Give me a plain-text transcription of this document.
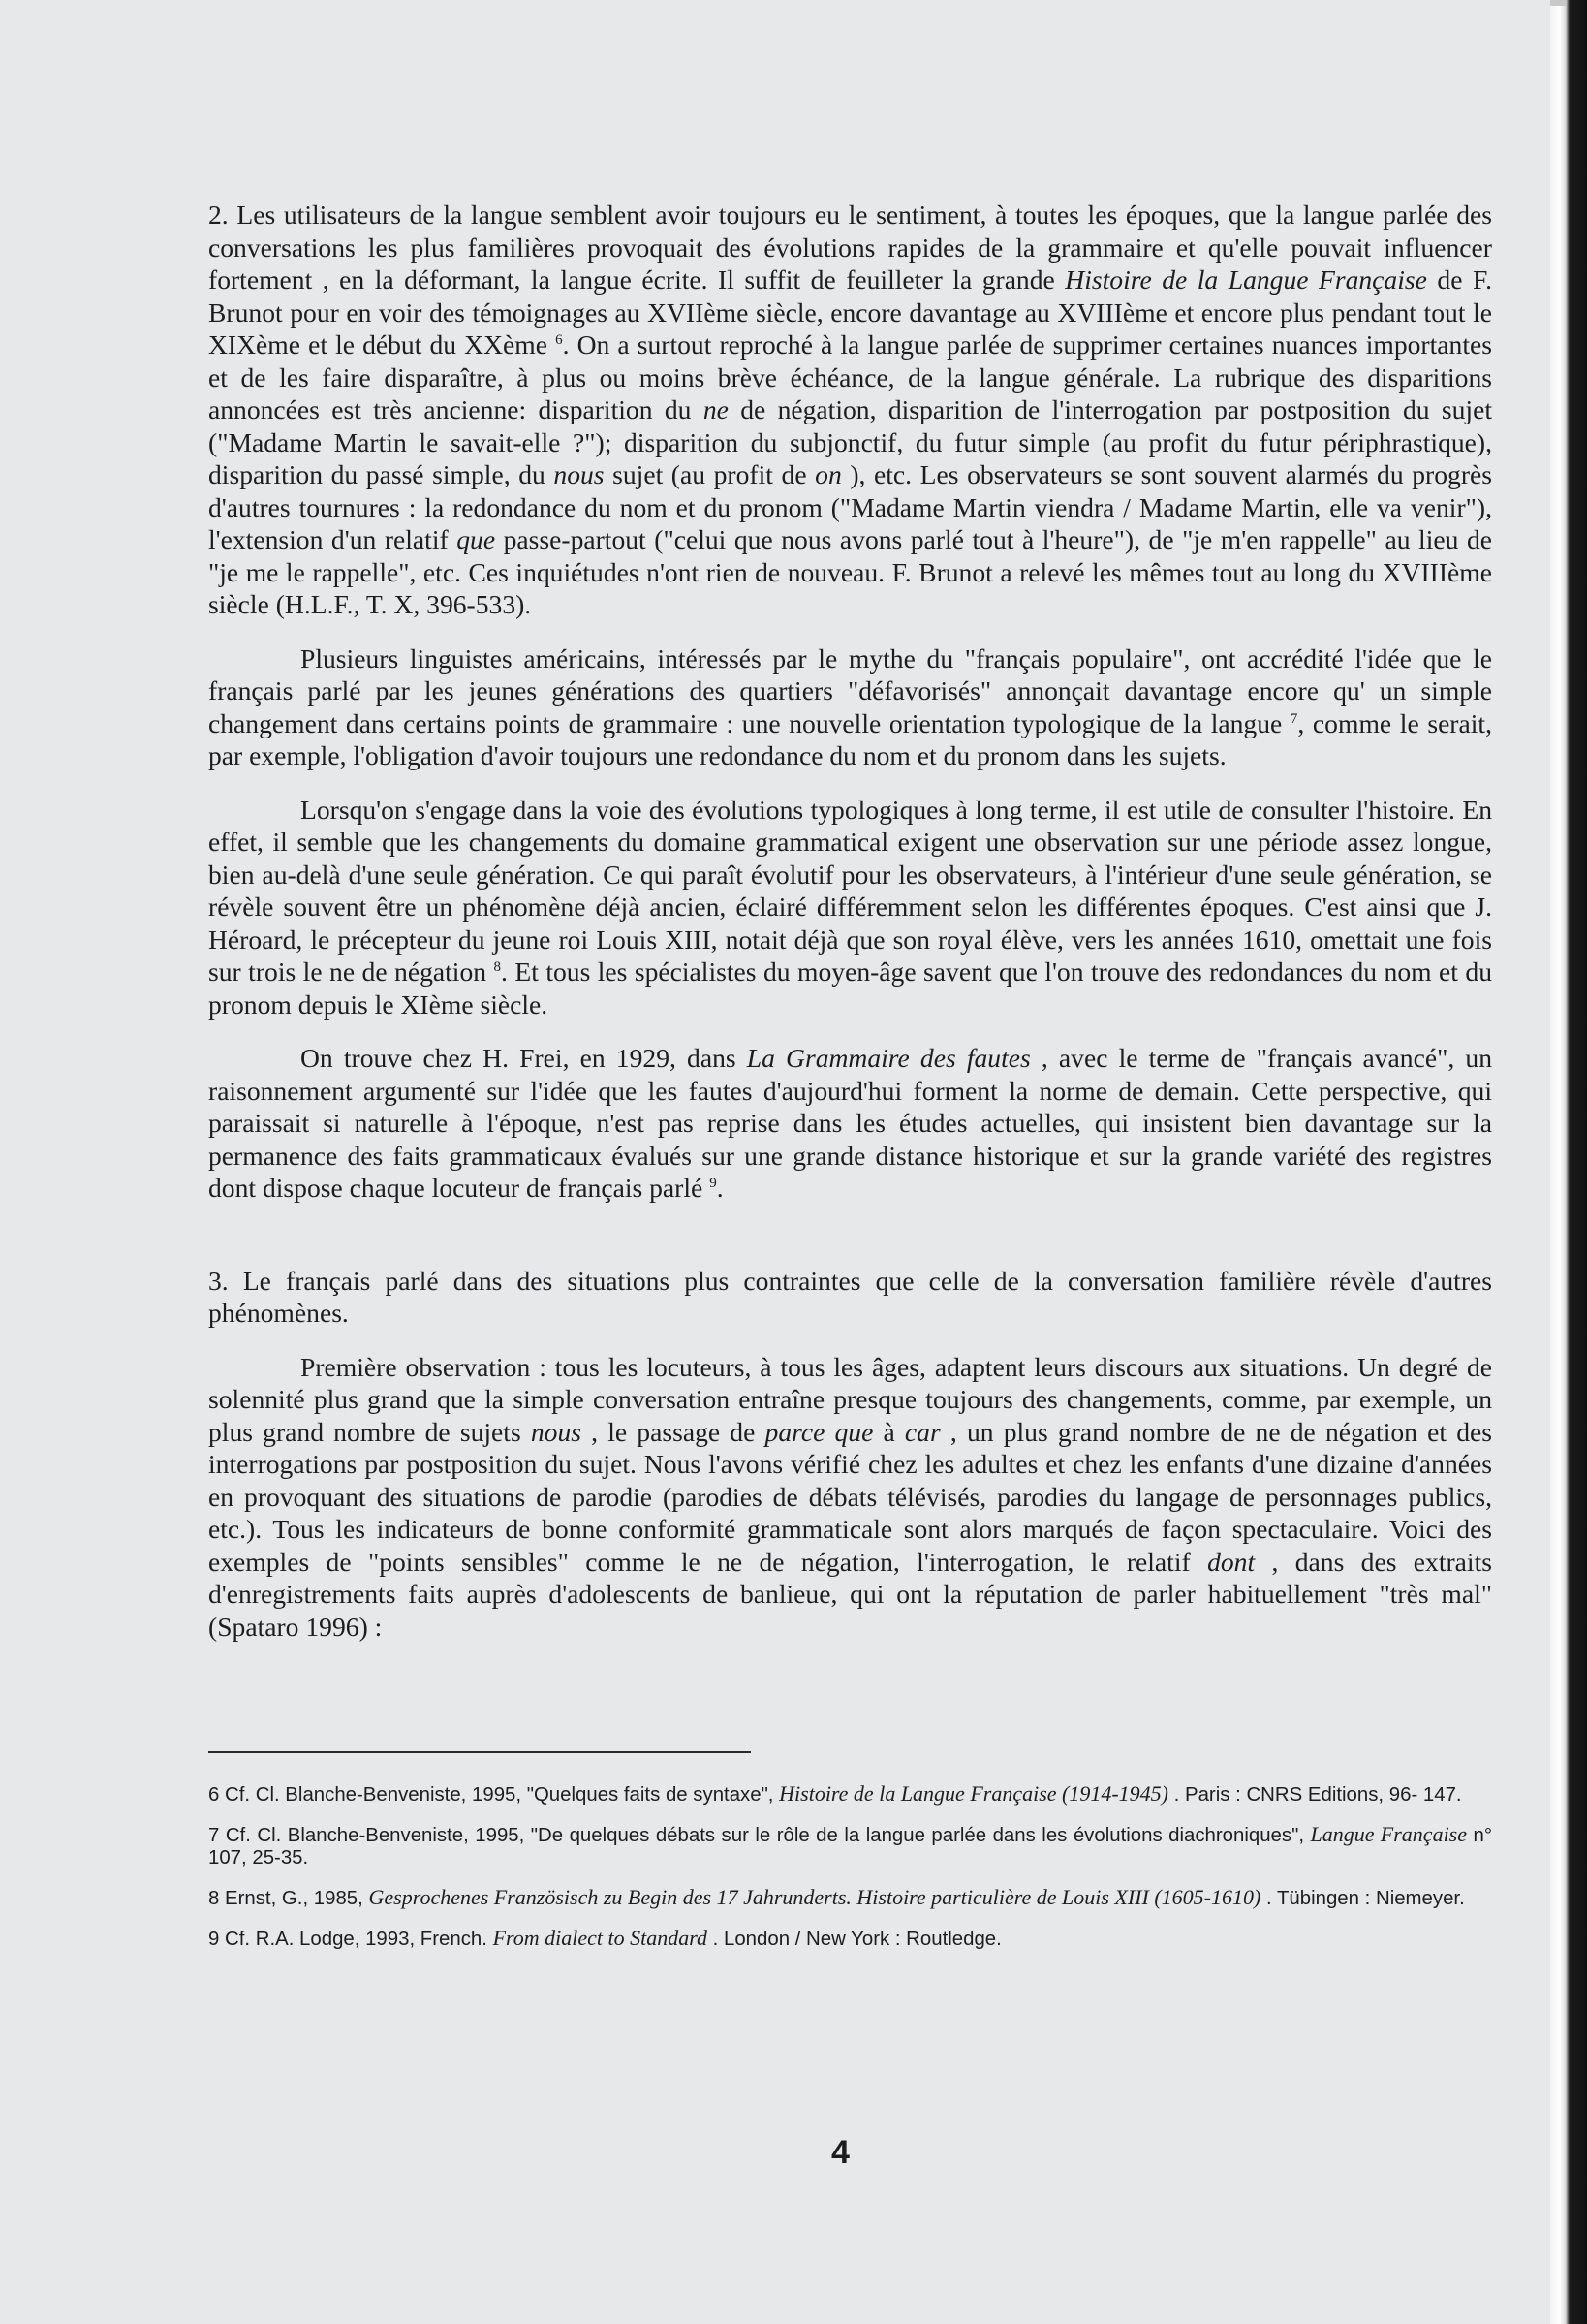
2. Les utilisateurs de la langue semblent avoir toujours eu le sentiment, à toutes les époques, que la langue parlée des conversations les plus familières provoquait des évolutions rapides de la grammaire et qu'elle pouvait influencer fortement , en la déformant, la langue écrite. Il suffit de feuilleter la grande Histoire de la Langue Française de F. Brunot pour en voir des témoignages au XVIIème siècle, encore davantage au XVIIIème et encore plus pendant tout le XIXème et le début du XXème $^6$. On a surtout reproché à la langue parlée de supprimer certaines nuances importantes et de les faire disparaître, à plus ou moins brève échéance, de la langue générale. La rubrique des disparitions annoncées est très ancienne: disparition du ne de négation, disparition de l'interrogation par postposition du sujet ("Madame Martin le savait-elle ?"); disparition du subjonctif, du futur simple (au profit du futur périphrastique), disparition du passé simple, du nous sujet (au profit de on ), etc. Les observateurs se sont souvent alarmés du progrès d'autres tournures : la redondance du nom et du pronom ("Madame Martin viendra / Madame Martin, elle va venir"), l'extension d'un relatif que passe-partout ("celui que nous avons parlé tout à l'heure"), de "je m'en rappelle" au lieu de "je me le rappelle", etc. Ces inquiétudes n'ont rien de nouveau. F. Brunot a relevé les mêmes tout au long du XVIIIème siècle (H.L.F., T. X, 396-533).

Plusieurs linguistes américains, intéressés par le mythe du "français populaire", ont accrédité l'idée que le français parlé par les jeunes générations des quartiers "défavorisés" annonçait davantage encore qu' un simple changement dans certains points de grammaire : une nouvelle orientation typologique de la langue $^7$, comme le serait, par exemple, l'obligation d'avoir toujours une redondance du nom et du pronom dans les sujets.

Lorsqu'on s'engage dans la voie des évolutions typologiques à long terme, il est utile de consulter l'histoire. En effet, il semble que les changements du domaine grammatical exigent une observation sur une période assez longue, bien au-delà d'une seule génération. Ce qui paraît évolutif pour les observateurs, à l'intérieur d'une seule génération, se révèle souvent être un phénomène déjà ancien, éclairé différemment selon les différentes époques. C'est ainsi que J. Héroard, le précepteur du jeune roi Louis XIII, notait déjà que son royal élève, vers les années 1610, omettait une fois sur trois le ne de négation $^8$. Et tous les spécialistes du moyen-âge savent que l'on trouve des redondances du nom et du pronom depuis le XIème siècle.

On trouve chez H. Frei, en 1929, dans La Grammaire des fautes , avec le terme de "français avancé", un raisonnement argumenté sur l'idée que les fautes d'aujourd'hui forment la norme de demain. Cette perspective, qui paraissait si naturelle à l'époque, n'est pas reprise dans les études actuelles, qui insistent bien davantage sur la permanence des faits grammaticaux évalués sur une grande distance historique et sur la grande variété des registres dont dispose chaque locuteur de français parlé $^9$.

3. Le français parlé dans des situations plus contraintes que celle de la conversation familière révèle d'autres phénomènes.

Première observation : tous les locuteurs, à tous les âges, adaptent leurs discours aux situations. Un degré de solennité plus grand que la simple conversation entraîne presque toujours des changements, comme, par exemple, un plus grand nombre de sujets nous , le passage de parce que à car , un plus grand nombre de ne de négation et des interrogations par postposition du sujet. Nous l'avons vérifié chez les adultes et chez les enfants d'une dizaine d'années en provoquant des situations de parodie (parodies de débats télévisés, parodies du langage de personnages publics, etc.). Tous les indicateurs de bonne conformité grammaticale sont alors marqués de façon spectaculaire. Voici des exemples de "points sensibles" comme le ne de négation, l'interrogation, le relatif dont , dans des extraits d'enregistrements faits auprès d'adolescents de banlieue, qui ont la réputation de parler habituellement "très mal" (Spataro 1996) :

6 Cf. Cl. Blanche-Benveniste, 1995, "Quelques faits de syntaxe", Histoire de la Langue Française (1914-1945) . Paris : CNRS Editions, 96- 147.
7 Cf. Cl. Blanche-Benveniste, 1995, "De quelques débats sur le rôle de la langue parlée dans les évolutions diachroniques", Langue Française n° 107, 25-35.
8 Ernst, G., 1985, Gesprochenes Französisch zu Begin des 17 Jahrunderts. Histoire particulière de Louis XIII (1605-1610) . Tübingen : Niemeyer.
9 Cf. R.A. Lodge, 1993, French. From dialect to Standard . London / New York : Routledge.
4
